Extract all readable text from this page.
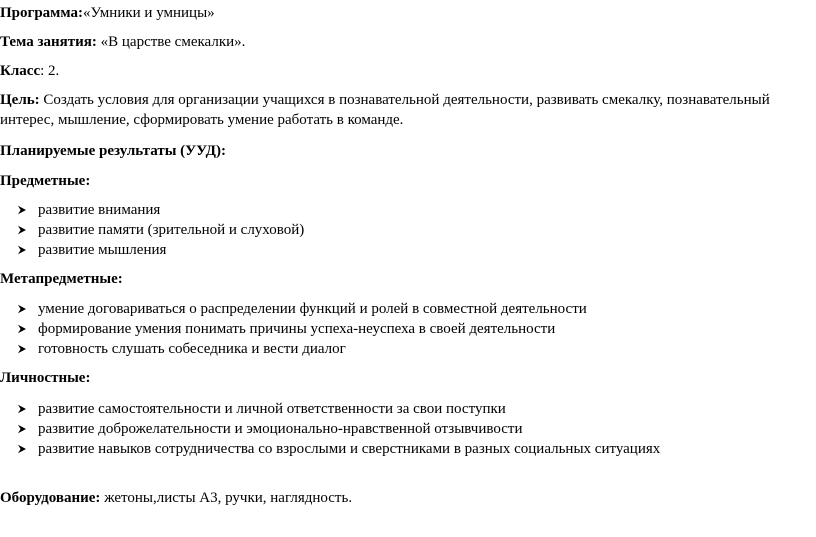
Программа:«Умники и умницы»
Тема занятия: «В царстве смекалки».
Класс: 2.
Цель: Создать условия для организации учащихся в познавательной деятельности, развивать смекалку, познавательный интерес, мышление, сформировать умение работать в команде.
Планируемые результаты (УУД):
Предметные:
развитие внимания
развитие памяти (зрительной и слуховой)
развитие мышления
Метапредметные:
умение договариваться о распределении функций и ролей в совместной деятельности
формирование умения понимать причины успеха-неуспеха в своей деятельности
готовность слушать собеседника и вести диалог
Личностные:
развитие самостоятельности и личной ответственности за свои поступки
развитие доброжелательности и эмоционально-нравственной отзывчивости
развитие навыков сотрудничества со взрослыми и сверстниками в разных социальных ситуациях
Оборудование: жетоны,листы А3, ручки, наглядность.
